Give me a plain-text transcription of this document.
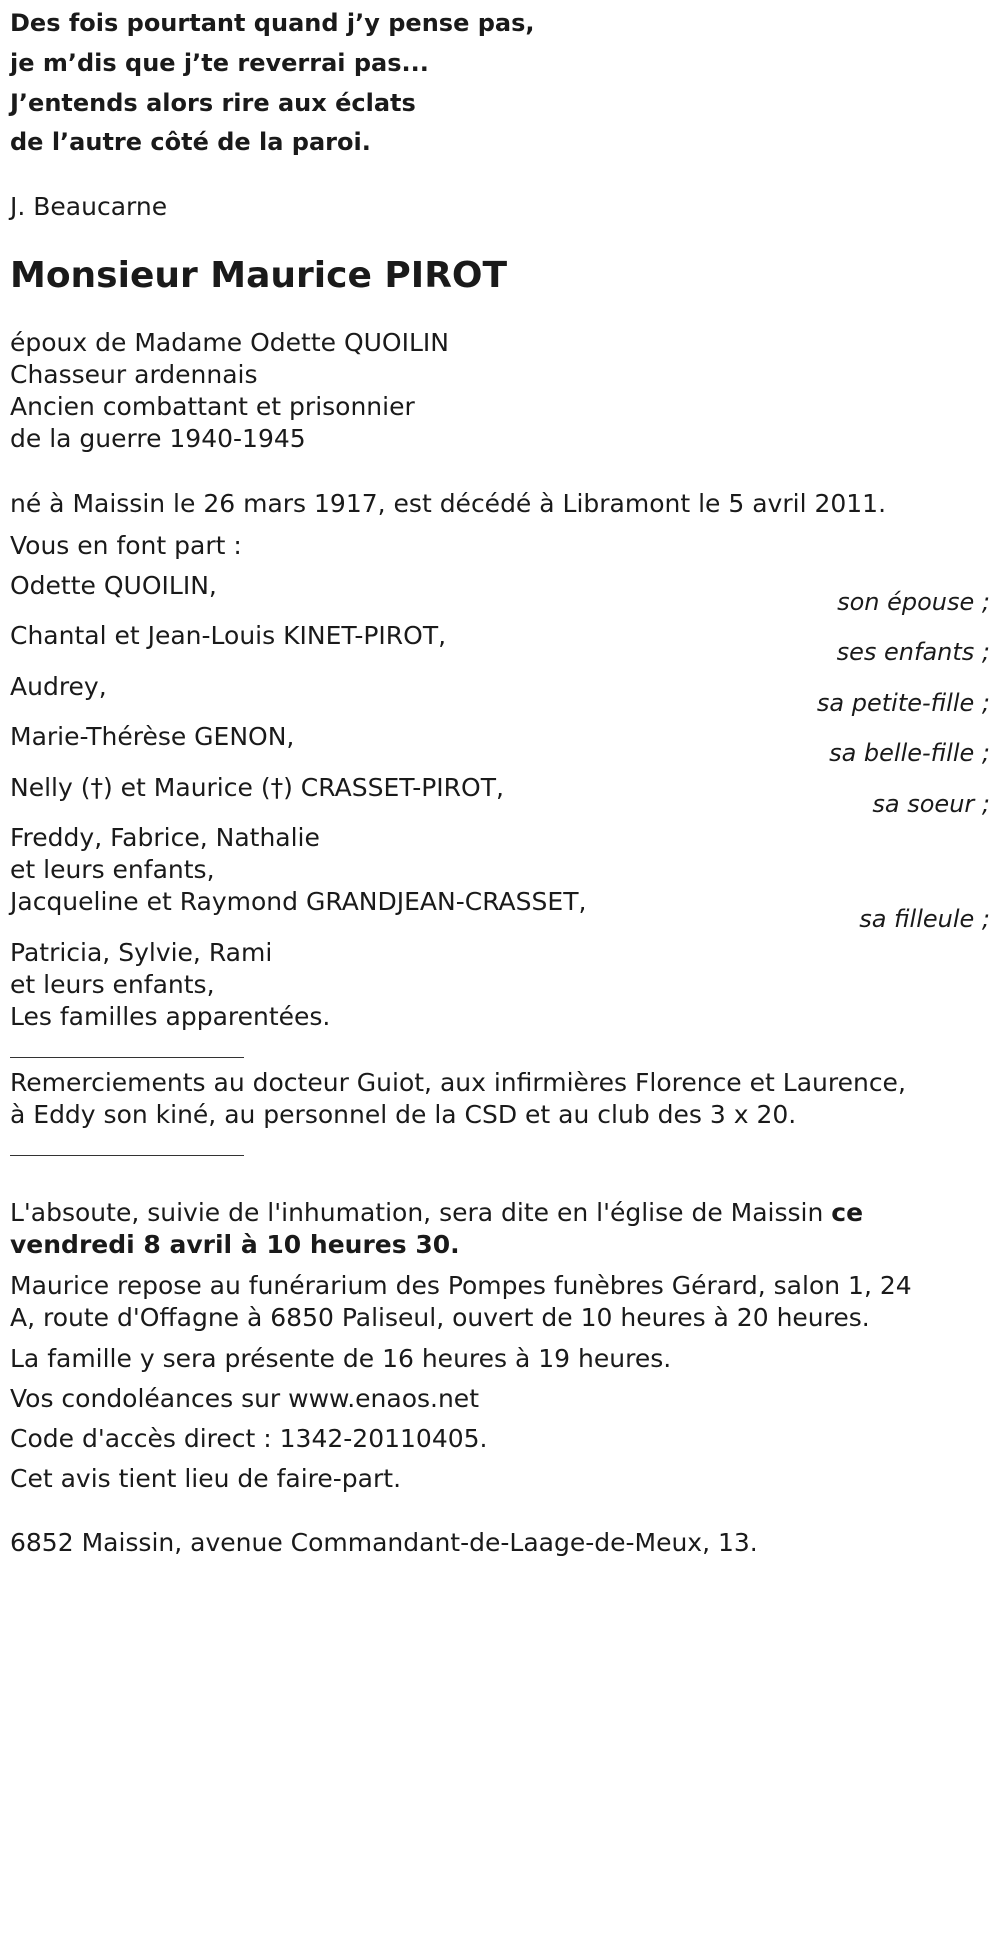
Des fois pourtant quand j’y pense pas,

je m’dis que j’te reverrai pas...

J’entends alors rire aux éclats

de l’autre côté de la paroi.

J. Beaucarne

Monsieur Maurice PIROT

époux de Madame Odette QUOILIN

Chasseur ardennais

Ancien combattant et prisonnier

de la guerre 1940-1945

né à Maissin le 26 mars 1917, est décédé à Libramont le 5 avril 2011.

Vous en font part :

Odette QUOILIN,

son épouse ;

Chantal et Jean-Louis KINET-PIROT,

ses enfants ;

Audrey,

sa petite-fille ;

Marie-Thérèse GENON,

sa belle-fille ;

Nelly (†) et Maurice (†) CRASSET-PIROT,

sa soeur ;

Freddy, Fabrice, Nathalie

et leurs enfants,

Jacqueline et Raymond GRANDJEAN-CRASSET,

sa filleule ;

Patricia, Sylvie, Rami

et leurs enfants,

Les familles apparentées.

Remerciements au docteur Guiot, aux infirmières Florence et Laurence,

à Eddy son kiné, au personnel de la CSD et au club des 3 x 20.

L'absoute, suivie de l'inhumation, sera dite en l'église de Maissin ce

vendredi 8 avril à 10 heures 30.

Maurice repose au funérarium des Pompes funèbres Gérard, salon 1, 24

A, route d'Offagne à 6850 Paliseul, ouvert de 10 heures à 20 heures.

La famille y sera présente de 16 heures à 19 heures.

Vos condoléances sur www.enaos.net

Code d'accès direct : 1342-20110405.

Cet avis tient lieu de faire-part.

6852 Maissin, avenue Commandant-de-Laage-de-Meux, 13.
